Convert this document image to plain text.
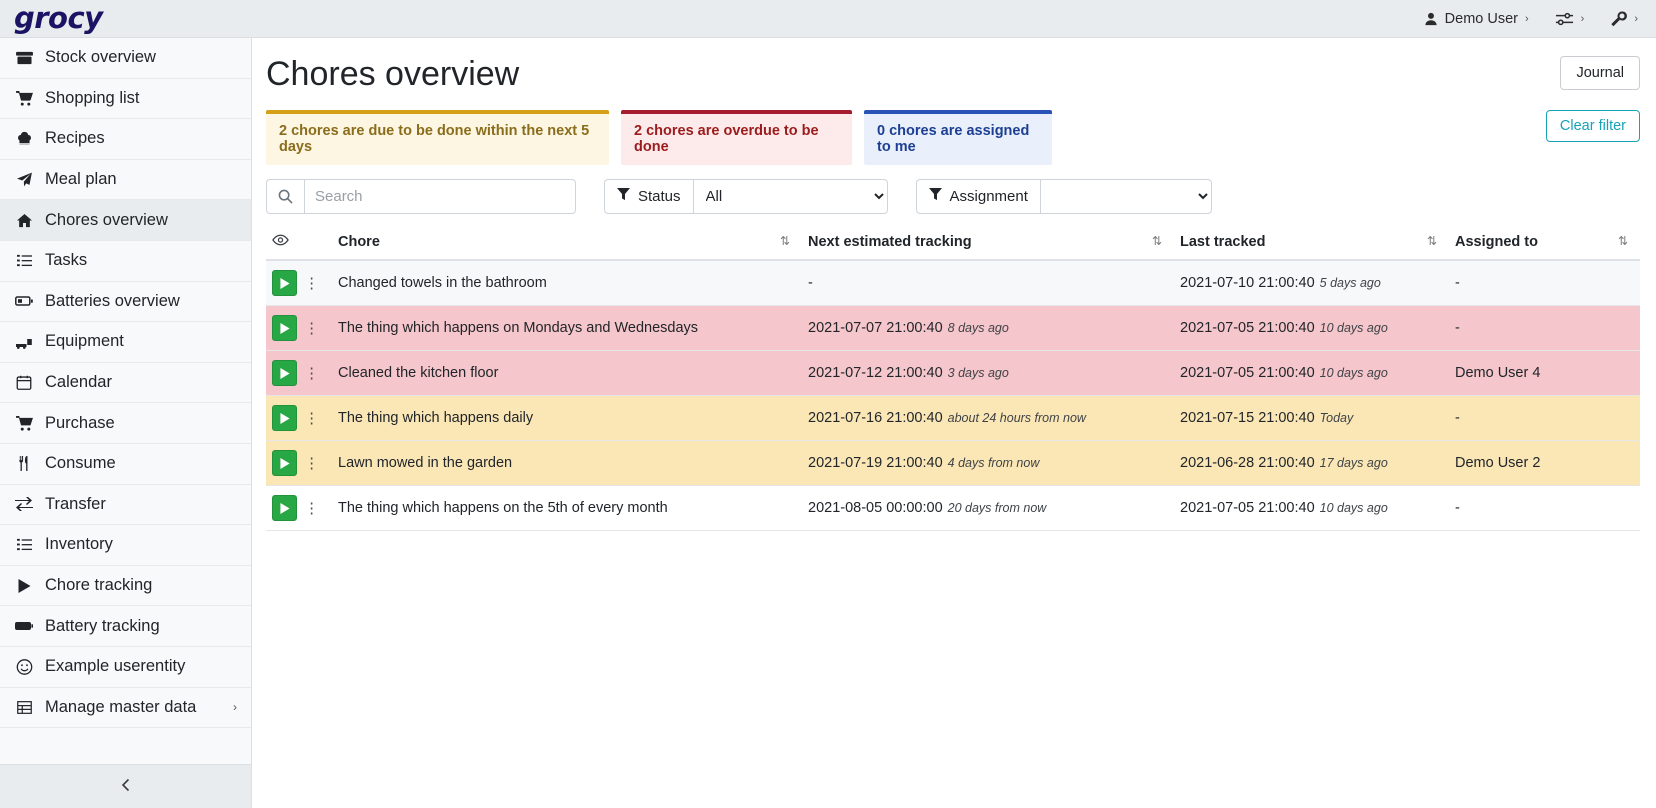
grocy	Demo User ›	›	›
Stock overview
Shopping list
Recipes
Meal plan
Chores overview
Tasks
Batteries overview
Equipment
Calendar
Purchase
Consume
Transfer
Inventory
Chore tracking
Battery tracking
Example userentity
Manage master data	›
Chores overview	Journal
2 chores are due to be done within the next 5 days
2 chores are overdue to be done
0 chores are assigned to me
Clear filter
Search
Status
All	Assignment
	Chore ⇅	Next estimated tracking ⇅	Last tracked ⇅	Assigned to ⇅

⋮	Changed towels in the bathroom	-	2021-07-10 21:00:40 5 days ago	-

⋮	The thing which happens on Mondays and Wednesdays	2021-07-07 21:00:40 8 days ago	2021-07-05 21:00:40 10 days ago	-

⋮	Cleaned the kitchen floor	2021-07-12 21:00:40 3 days ago	2021-07-05 21:00:40 10 days ago	Demo User 4

⋮	The thing which happens daily	2021-07-16 21:00:40 about 24 hours from now	2021-07-15 21:00:40 Today	-

⋮	Lawn mowed in the garden	2021-07-19 21:00:40 4 days from now	2021-06-28 21:00:40 17 days ago	Demo User 2

⋮	The thing which happens on the 5th of every month	2021-08-05 00:00:00 20 days from now	2021-07-05 21:00:40 10 days ago	-
